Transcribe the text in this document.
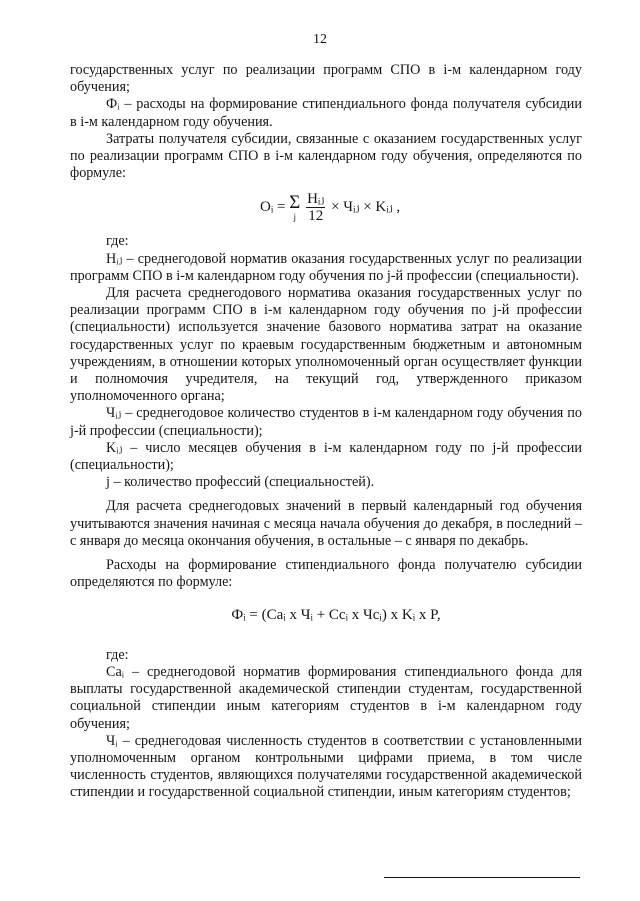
12

государственных услуг по реализации программ СПО в i-м календарном году обучения;

Фᵢ – расходы на формирование стипендиального фонда получателя субсидии в i-м календарном году обучения.

Затраты получателя субсидии, связанные с оказанием государственных услуг по реализации программ СПО в i-м календарном году обучения, определяются по формуле:

Oᵢ = Σ
j
$\frac{\text{Hᵢⱼ}}{12}$ × Чᵢⱼ × Kᵢⱼ ,

где:

Hᵢⱼ – среднегодовой норматив оказания государственных услуг по реализации программ СПО в i-м календарном году обучения по j-й профессии (специальности).

Для расчета среднегодового норматива оказания государственных услуг по реализации программ СПО в i-м календарном году обучения по j-й профессии (специальности) используется значение базового норматива затрат на оказание государственных услуг по краевым государственным бюджетным и автономным учреждениям, в отношении которых уполномоченный орган осуществляет функции и полномочия учредителя, на текущий год, утвержденного приказом уполномоченного органа;

Чᵢⱼ – среднегодовое количество студентов в i-м календарном году обучения по j-й профессии (специальности);

Kᵢⱼ – число месяцев обучения в i-м календарном году по j-й профессии (специальности);

j – количество профессий (специальностей).

Для расчета среднегодовых значений в первый календарный год обучения учитываются значения начиная с месяца начала обучения до декабря, в последний – с января до месяца окончания обучения, в остальные – с января по декабрь.

Расходы на формирование стипендиального фонда получателю субсидии определяются по формуле:

Фᵢ = (Caᵢ x Чᵢ + Ccᵢ x Чcᵢ) x Kᵢ x P,

где:

Caᵢ – среднегодовой норматив формирования стипендиального фонда для выплаты государственной академической стипендии студентам, государственной социальной стипендии иным категориям студентов в i-м календарном году обучения;

Чᵢ – среднегодовая численность студентов в соответствии с установленными уполномоченным органом контрольными цифрами приема, в том числе численность студентов, являющихся получателями государственной академической стипендии и государственной социальной стипендии, иным категориям студентов;
